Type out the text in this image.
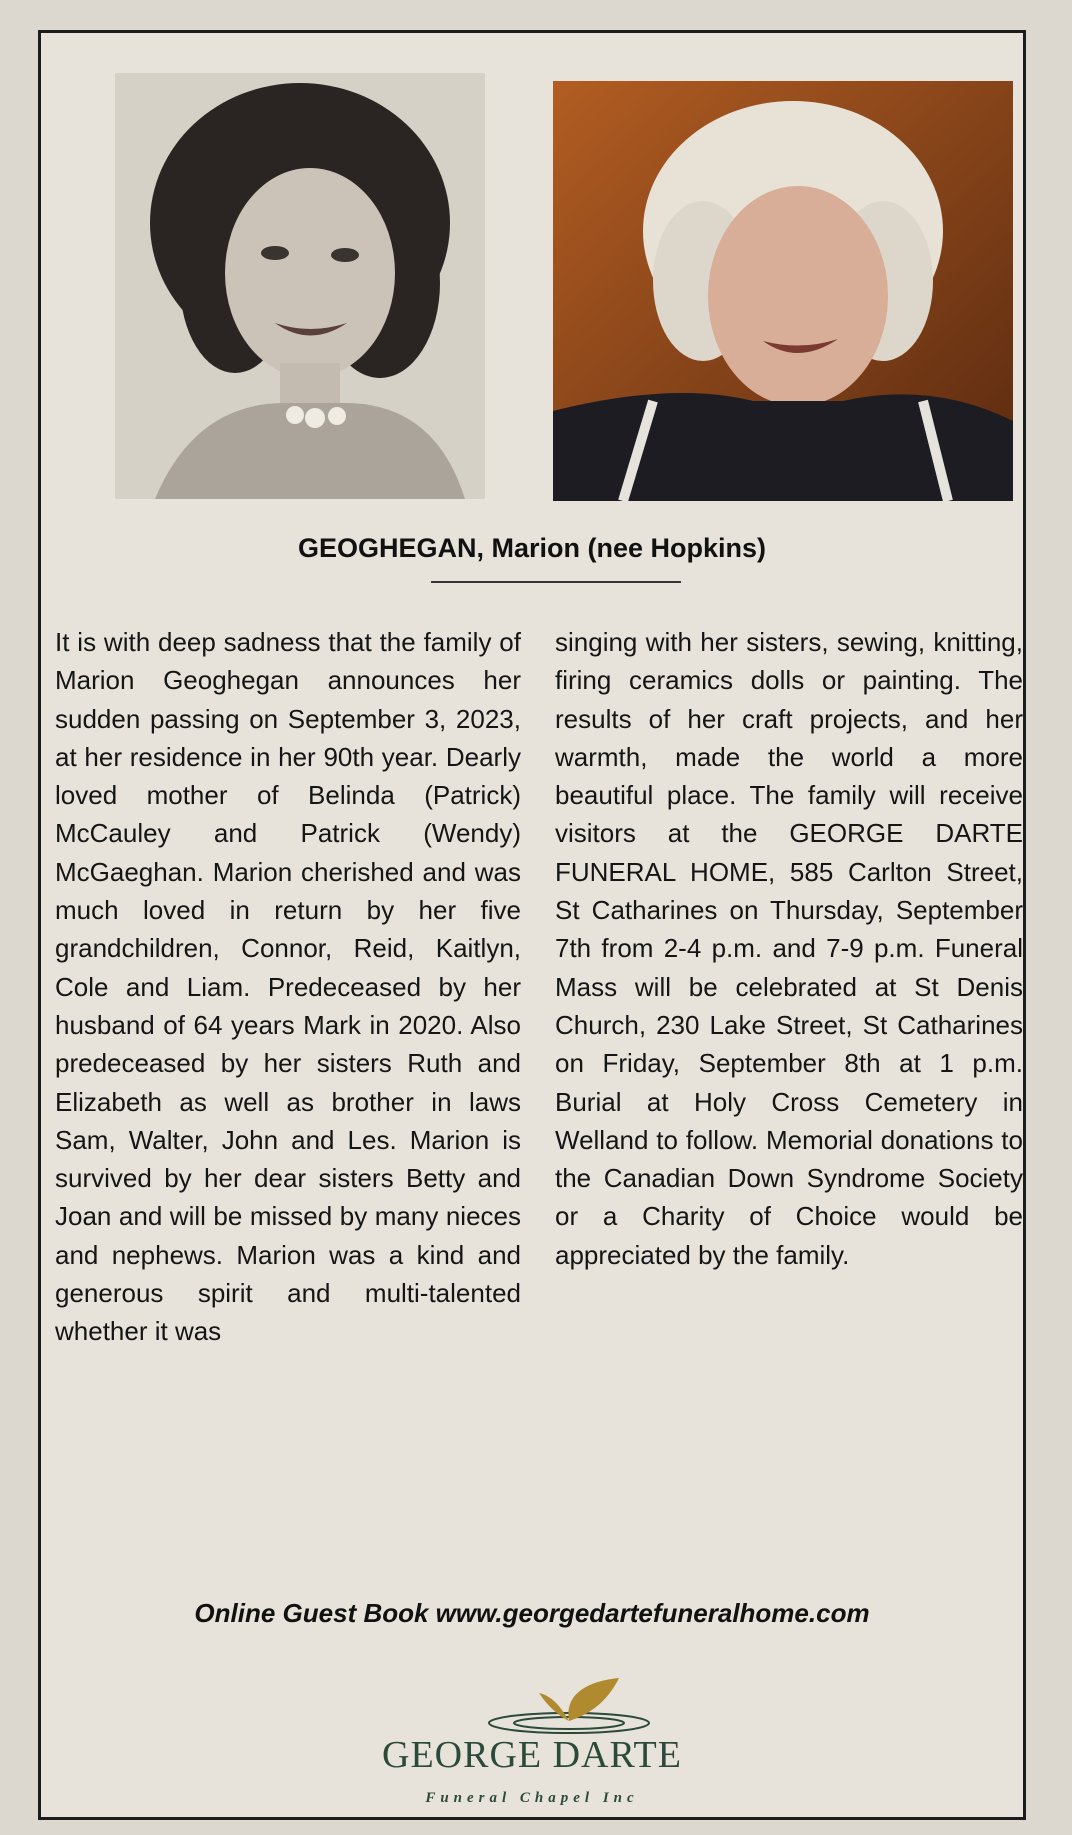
GEOGHEGAN, Marion (nee Hopkins)
It is with deep sadness that the family of Marion Geoghegan announces her sudden passing on September 3, 2023, at her residence in her 90th year. Dearly loved mother of Belinda (Patrick) McCauley and Patrick (Wendy) McGaeghan. Marion cherished and was much loved in return by her five grandchildren, Connor, Reid, Kaitlyn, Cole and Liam. Predeceased by her husband of 64 years Mark in 2020. Also predeceased by her sisters Ruth and Elizabeth as well as brother in laws Sam, Walter, John and Les. Marion is survived by her dear sisters Betty and Joan and will be missed by many nieces and nephews. Marion was a kind and generous spirit and multi-talented whether it was
singing with her sisters, sewing, knitting, firing ceramics dolls or painting. The results of her craft projects, and her warmth, made the world a more beautiful place. The family will receive visitors at the GEORGE DARTE FUNERAL HOME, 585 Carlton Street, St Catharines on Thursday, September 7th from 2-4 p.m. and 7-9 p.m. Funeral Mass will be celebrated at St Denis Church, 230 Lake Street, St Catharines on Friday, September 8th at 1 p.m. Burial at Holy Cross Cemetery in Welland to follow. Memorial donations to the Canadian Down Syndrome Society or a Charity of Choice would be appreciated by the family.
Online Guest Book www.georgedartefuneralhome.com
GEORGE DARTE
Funeral Chapel Inc
